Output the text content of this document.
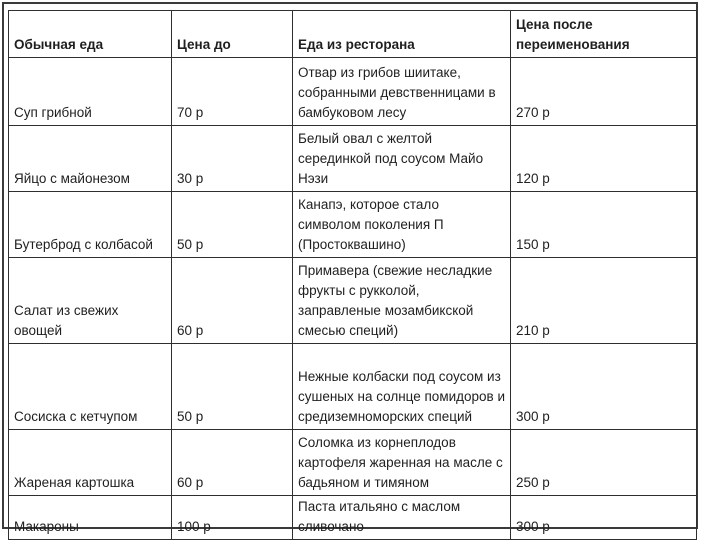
Обычная еда	Цена до	Еда из ресторана	Цена после переименования
Суп грибной	70 р	Отвар из грибов шиитаке, собранными девственницами в бамбуковом лесу	270 р
Яйцо с майонезом	30 р	Белый овал с желтой серединкой под соусом Майо Нэзи	120 р
Бутерброд с колбасой	50 р	Канапэ, которое стало символом поколения П (Простоквашино)	150 р
Салат из свежих овощей	60 р	Примавера (свежие несладкие фрукты с рукколой, заправленые мозамбикской смесью специй)	210 р
Сосиска с кетчупом	50 р	Нежные колбаски под соусом из сушеных на солнце помидоров и средиземноморских специй	300 р
Жареная картошка	60 р	Соломка из корнеплодов картофеля жаренная на масле с бадьяном и тимяном	250 р
Макароны	100 р	Паста итальяно с маслом сливочано	300 р
